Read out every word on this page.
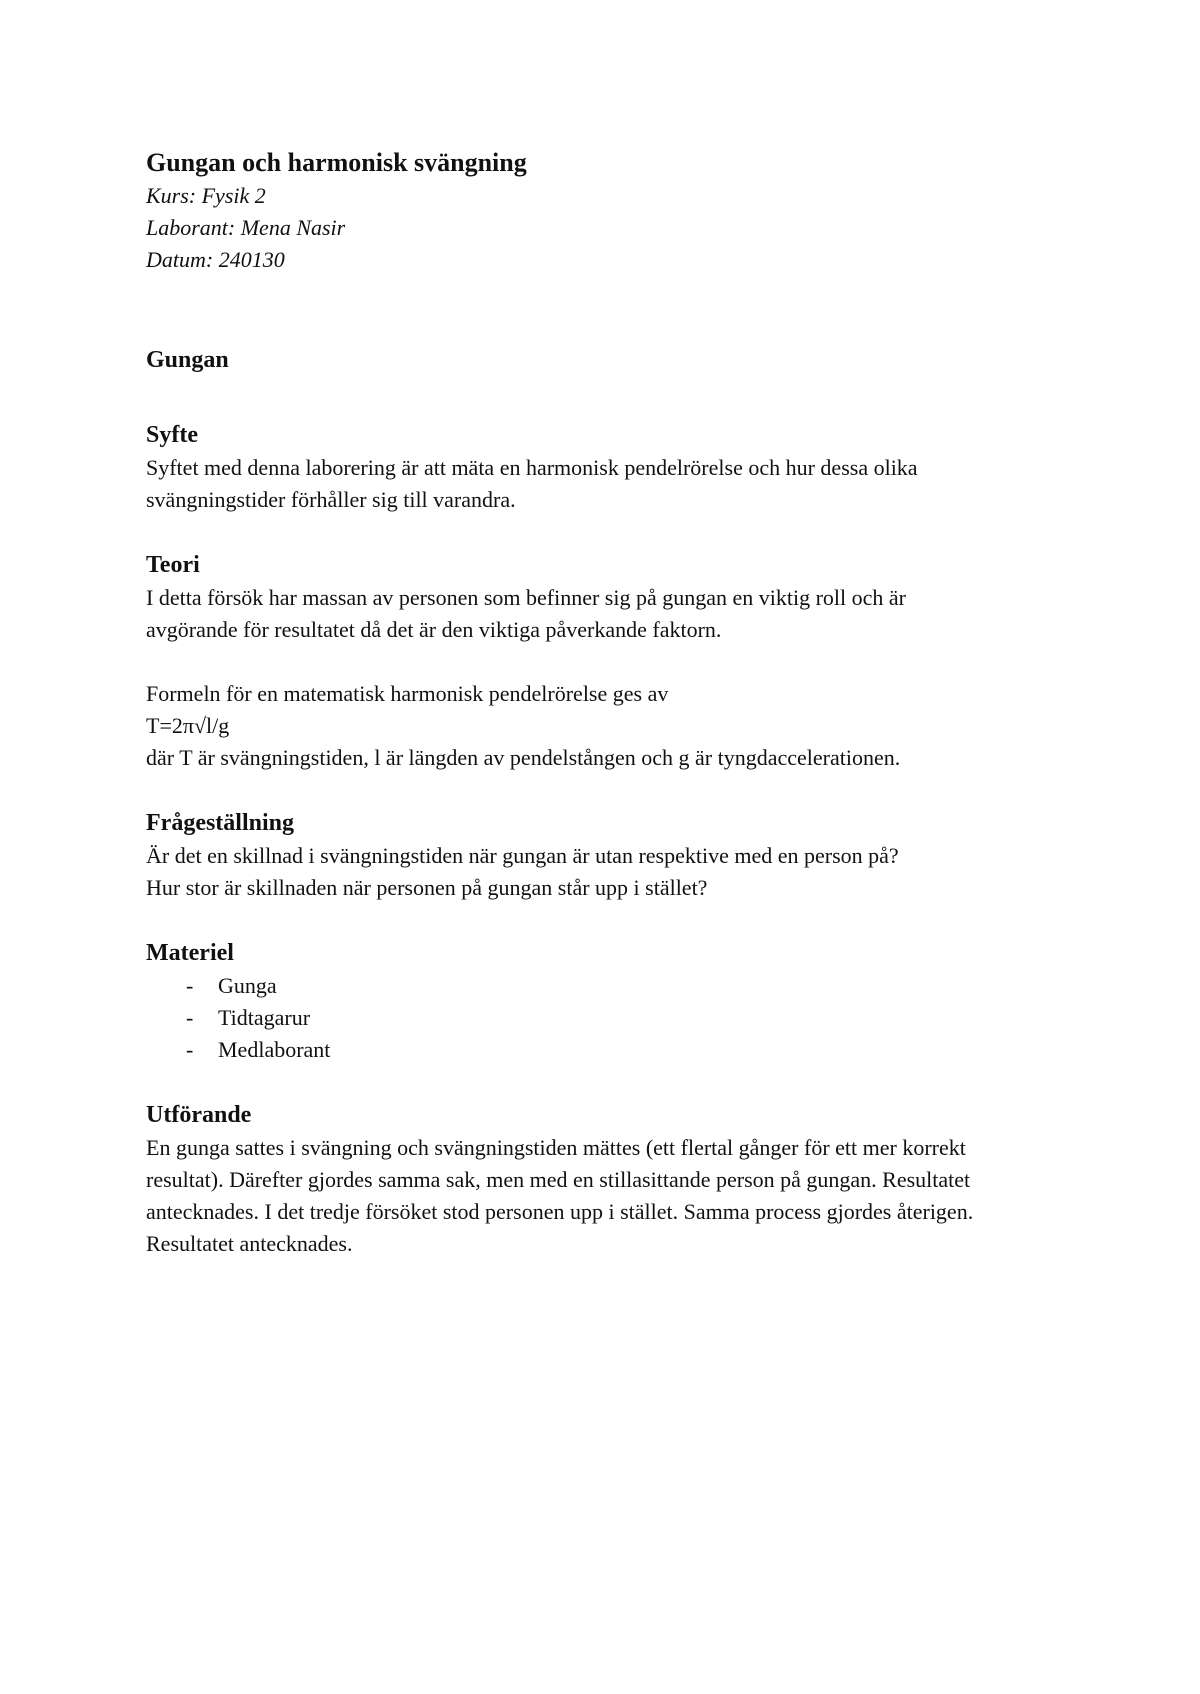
Gungan och harmonisk svängning

Kurs: Fysik 2

Laborant: Mena Nasir

Datum: 240130

Gungan
Syfte

Syftet med denna laborering är att mäta en harmonisk pendelrörelse och hur dessa olika

svängningstider förhåller sig till varandra.

Teori

I detta försök har massan av personen som befinner sig på gungan en viktig roll och är

avgörande för resultatet då det är den viktiga påverkande faktorn.

Formeln för en matematisk harmonisk pendelrörelse ges av

T=2π√l/g

där T är svängningstiden, l är längden av pendelstången och g är tyngdaccelerationen.

Frågeställning

Är det en skillnad i svängningstiden när gungan är utan respektive med en person på?

Hur stor är skillnaden när personen på gungan står upp i stället?

Materiel
- Gunga
- Tidtagarur
- Medlaborant
Utförande

En gunga sattes i svängning och svängningstiden mättes (ett flertal gånger för ett mer korrekt

resultat). Därefter gjordes samma sak, men med en stillasittande person på gungan. Resultatet

antecknades. I det tredje försöket stod personen upp i stället. Samma process gjordes återigen.

Resultatet antecknades.
